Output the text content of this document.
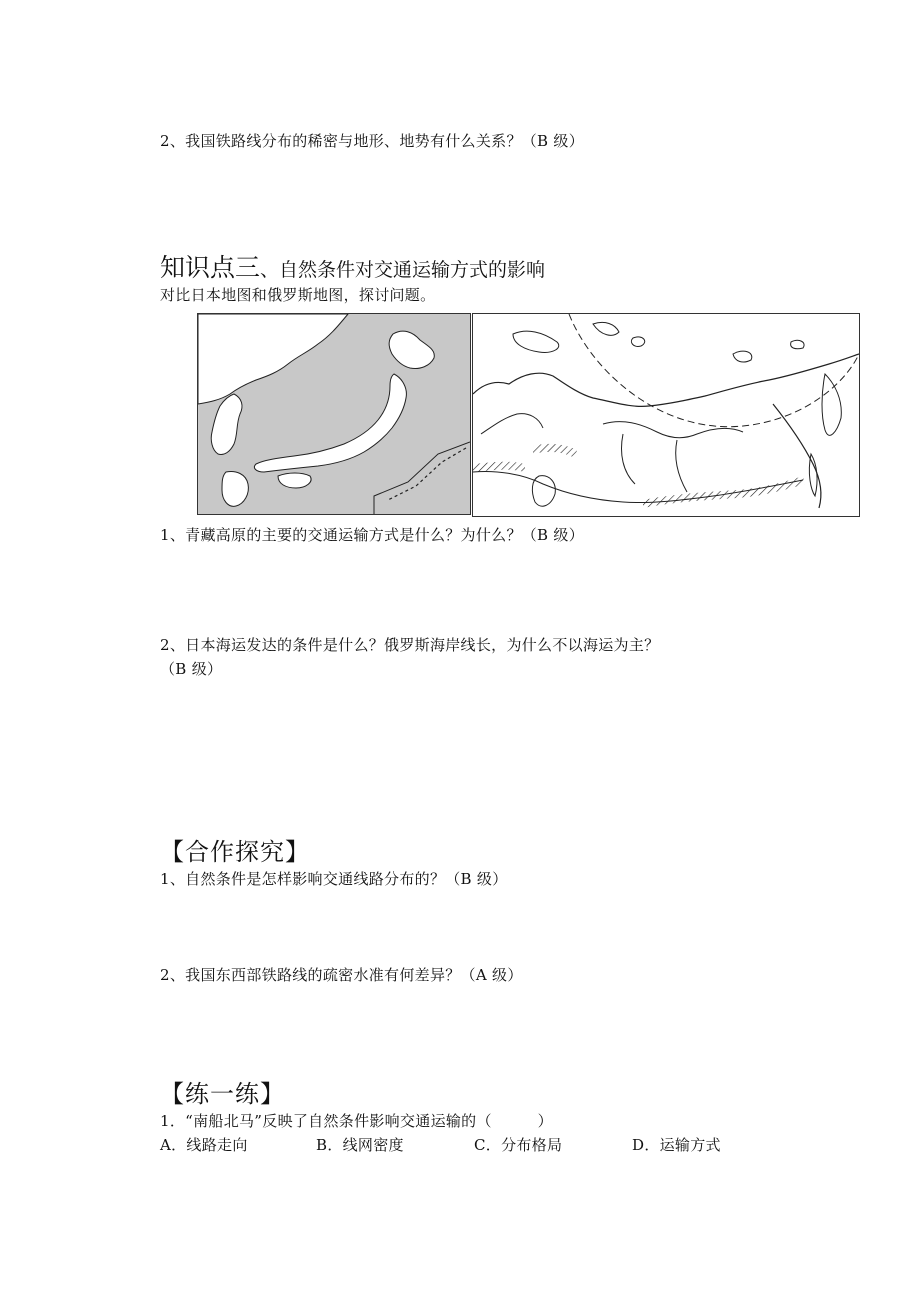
2、我国铁路线分布的稀密与地形、地势有什么关系？（B 级）
知识点三、自然条件对交通运输方式的影响
对比日本地图和俄罗斯地图，探讨问题。
1、青藏高原的主要的交通运输方式是什么？为什么？（B 级）
2、日本海运发达的条件是什么？俄罗斯海岸线长，为什么不以海运为主？
（B 级）
【合作探究】
1、自然条件是怎样影响交通线路分布的？（B 级）
2、我国东西部铁路线的疏密水准有何差异？（A 级）
【练一练】
1．“南船北马”反映了自然条件影响交通运输的（　　　）
A．线路走向	B．线网密度	C．分布格局	D．运输方式
